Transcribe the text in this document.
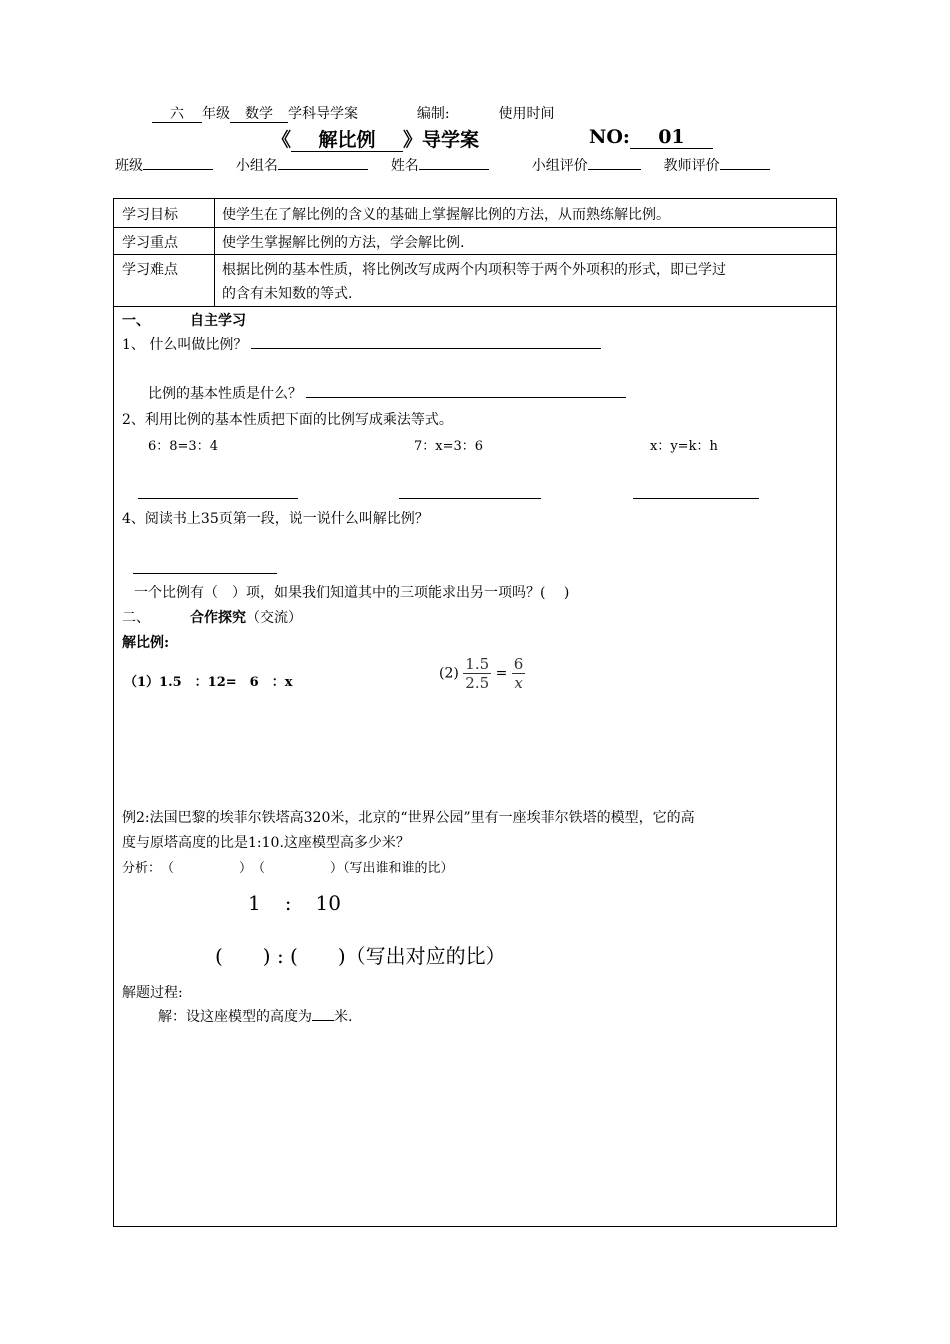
六 年级 数学 学科导学案	编制:	使用时间
《 解比例 》导学案	NO: 01
班级	小组名	姓名	小组评价	教师评价
学习目标	使学生在了解比例的含义的基础上掌握解比例的方法，从而熟练解比例。
学习重点	使学生掌握解比例的方法，学会解比例.
学习难点	根据比例的基本性质，将比例改写成两个内项积等于两个外项积的形式，即已学过
的含有未知数的等式.
一、	自主学习
1、 什么叫做比例？
比例的基本性质是什么？
2、利用比例的基本性质把下面的比例写成乘法等式。
6：8=3：4	7：x=3：6	x：y=k：h
4、阅读书上35页第一段，说一说什么叫解比例？
一个比例有（　）项，如果我们知道其中的三项能求出另一项吗？(　 )
二、	合作探究（交流）
解比例:
（1）1.5　：12=　6　：x
$(2) \frac{1.5}{2.5} = \frac{6}{x}$
例2:法国巴黎的埃菲尔铁塔高320米，北京的“世界公园”里有一座埃菲尔铁塔的模型，它的高
度与原塔高度的比是1:10.这座模型高多少米？
分析：　（　　　　　）　（　　　　　）（写出谁和谁的比）
1 : 10
(　　) : (　　)（写出对应的比）
解题过程:
解：设这座模型的高度为 米.
